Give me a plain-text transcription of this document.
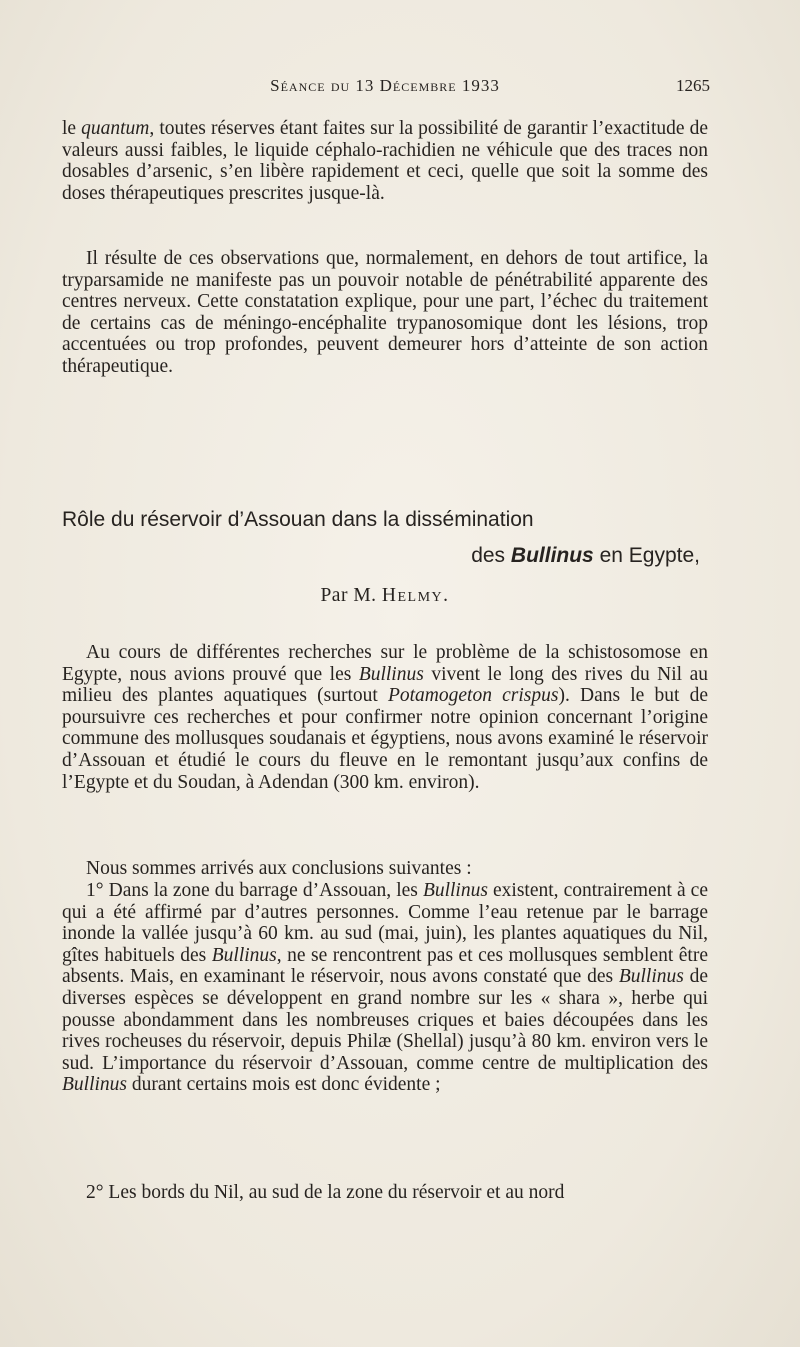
Séance du 13 Décembre 1933	1265

le quantum, toutes réserves étant faites sur la possibilité de garantir l’exactitude de valeurs aussi faibles, le liquide céphalo-rachidien ne véhicule que des traces non dosables d’arsenic, s’en libère rapidement et ceci, quelle que soit la somme des doses thérapeutiques prescrites jusque-là.

Il résulte de ces observations que, normalement, en dehors de tout artifice, la tryparsamide ne manifeste pas un pouvoir notable de pénétrabilité apparente des centres nerveux. Cette constatation explique, pour une part, l’échec du traitement de certains cas de méningo-encéphalite trypanosomique dont les lésions, trop accentuées ou trop profondes, peuvent demeurer hors d’atteinte de son action thérapeutique.

Rôle du réservoir d’Assouan dans la dissémination
des Bullinus en Egypte,
Par M. Helmy.

Au cours de différentes recherches sur le problème de la schistosomose en Egypte, nous avions prouvé que les Bullinus vivent le long des rives du Nil au milieu des plantes aquatiques (surtout Potamogeton crispus). Dans le but de poursuivre ces recherches et pour confirmer notre opinion concernant l’origine commune des mollusques soudanais et égyptiens, nous avons examiné le réservoir d’Assouan et étudié le cours du fleuve en le remontant jusqu’aux confins de l’Egypte et du Soudan, à Adendan (300 km. environ).

Nous sommes arrivés aux conclusions suivantes :

1° Dans la zone du barrage d’Assouan, les Bullinus existent, contrairement à ce qui a été affirmé par d’autres personnes. Comme l’eau retenue par le barrage inonde la vallée jusqu’à 60 km. au sud (mai, juin), les plantes aquatiques du Nil, gîtes habituels des Bullinus, ne se rencontrent pas et ces mollusques semblent être absents. Mais, en examinant le réservoir, nous avons constaté que des Bullinus de diverses espèces se développent en grand nombre sur les « shara », herbe qui pousse abondamment dans les nombreuses criques et baies découpées dans les rives rocheuses du réservoir, depuis Philæ (Shellal) jusqu’à 80 km. environ vers le sud. L’importance du réservoir d’Assouan, comme centre de multiplication des Bullinus durant certains mois est donc évidente ;

2° Les bords du Nil, au sud de la zone du réservoir et au nord
